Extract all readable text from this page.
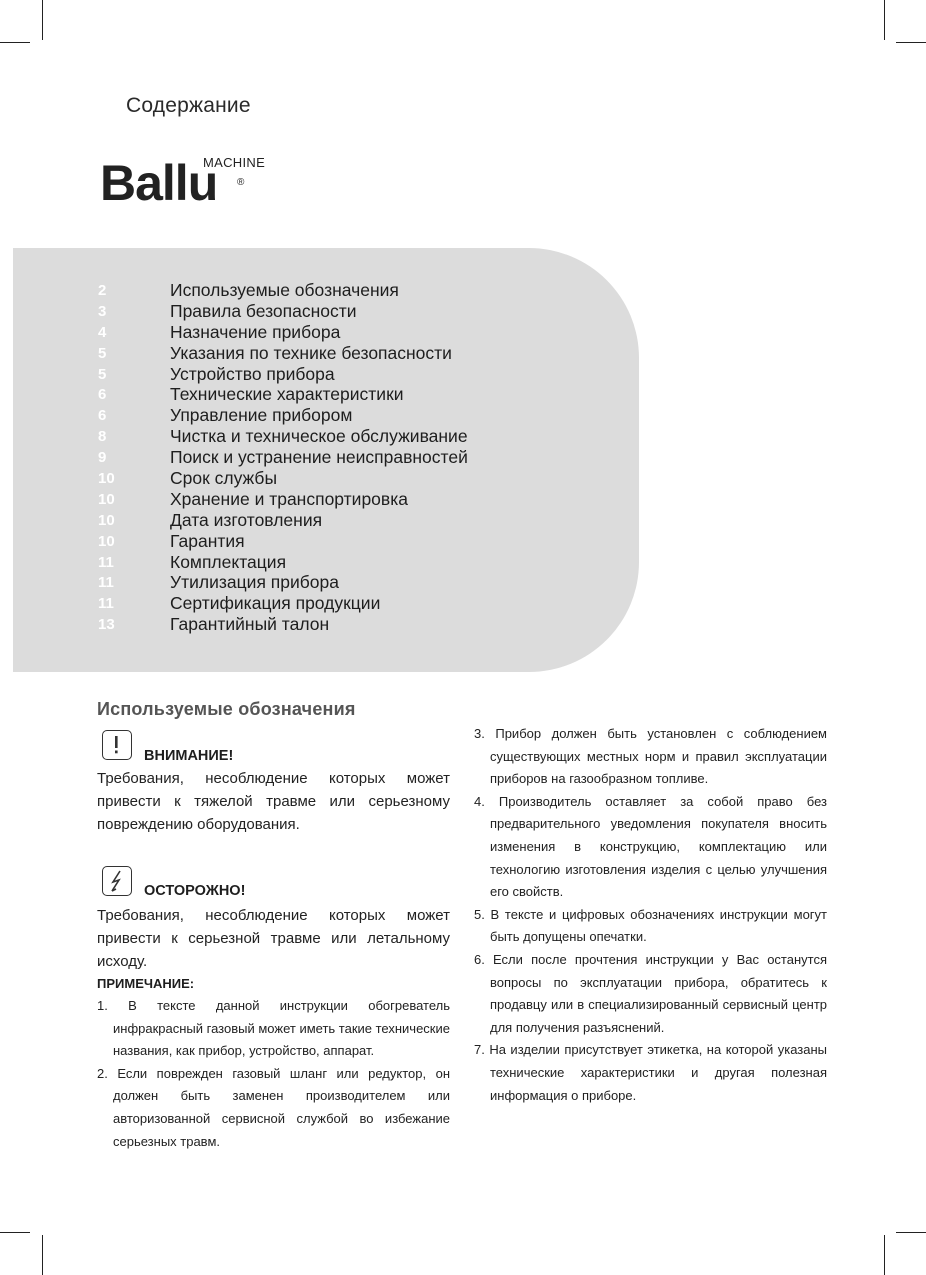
Содержание
Ballu
MACHINE
®
2	Используемые обозначения
3	Правила безопасности
4	Назначение прибора
5	Указания по технике безопасности
5	Устройство прибора
6	Технические характеристики
6	Управление прибором
8	Чистка и техническое обслуживание
9	Поиск и устранение неисправностей
10	Срок службы
10	Хранение и транспортировка
10	Дата изготовления
10	Гарантия
11	Комплектация
11	Утилизация прибора
11	Сертификация продукции
13	Гарантийный талон
Используемые обозначения
ВНИМАНИЕ!
Требования, несоблюдение которых может привести к тяжелой травме или серьезному повреждению оборудования.
ОСТОРОЖНО!
Требования, несоблюдение которых может привести к серьезной травме или летальному исходу.
ПРИМЕЧАНИЕ:
1. В тексте данной инструкции обогреватель инфракрасный газовый может иметь такие технические названия, как прибор, устройство, аппарат.
2. Если поврежден газовый шланг или редуктор, он должен быть заменен производителем или авторизованной сервисной службой во избежание серьезных травм.
3. Прибор должен быть установлен с соблюдением существующих местных норм и правил эксплуатации приборов на газообразном топливе.
4. Производитель оставляет за собой право без предварительного уведомления покупателя вносить изменения в конструкцию, комплектацию или технологию изготовления изделия с целью улучшения его свойств.
5. В тексте и цифровых обозначениях инструкции могут быть допущены опечатки.
6. Если после прочтения инструкции у Вас останутся вопросы по эксплуатации прибора, обратитесь к продавцу или в специализированный сервисный центр для получения разъяснений.
7. На изделии присутствует этикетка, на которой указаны технические характеристики и другая полезная информация о приборе.
